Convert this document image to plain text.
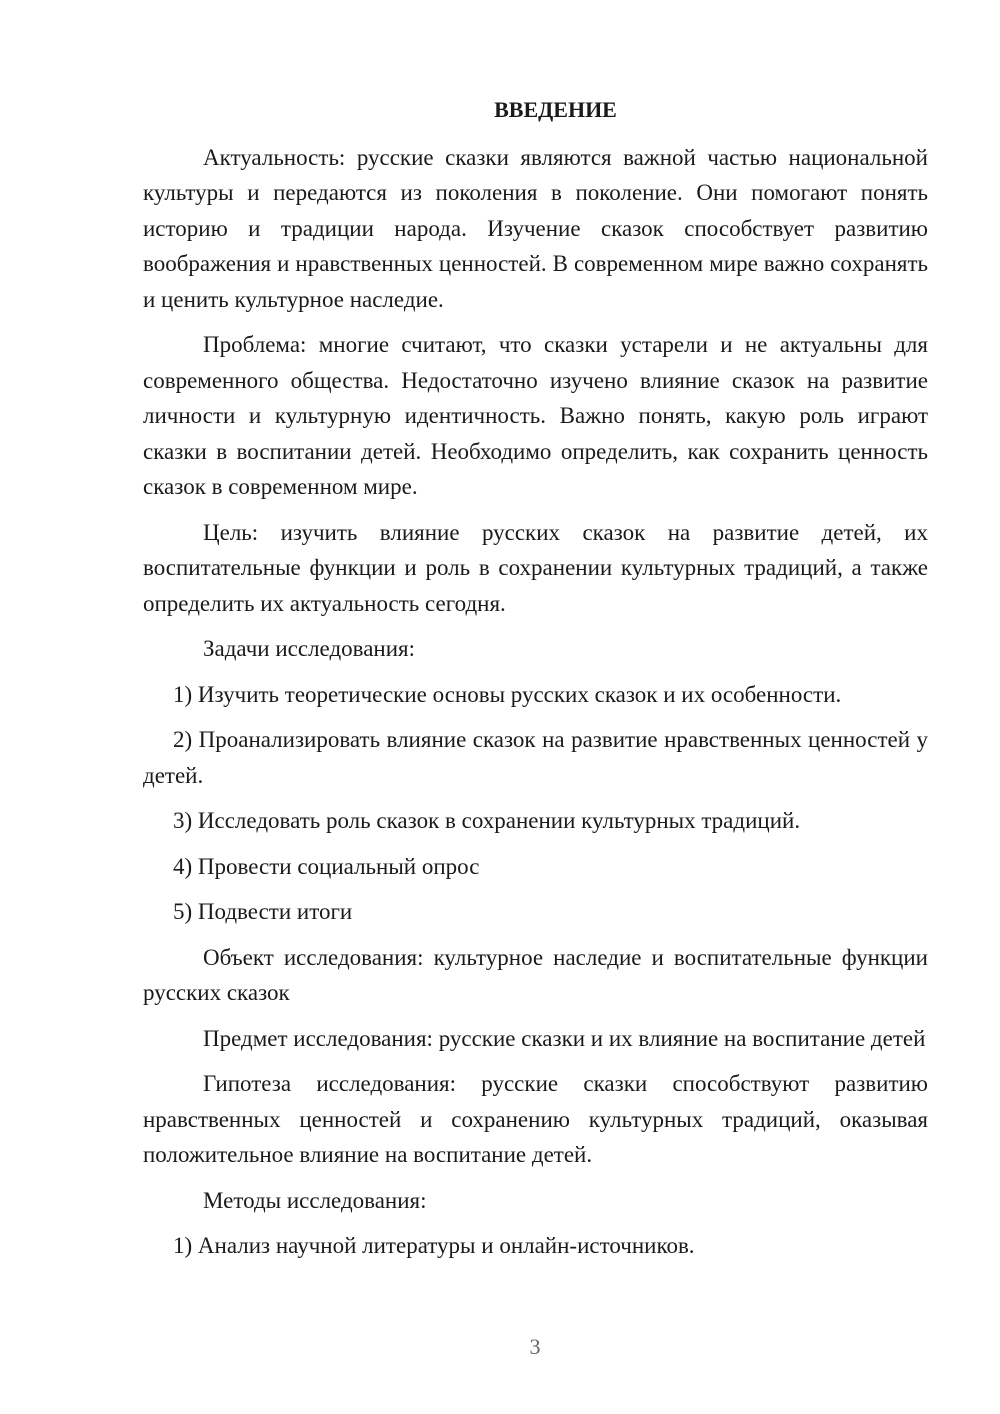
ВВЕДЕНИЕ

Актуальность: русские сказки являются важной частью национальной культуры и передаются из поколения в поколение. Они помогают понять историю и традиции народа. Изучение сказок способствует развитию воображения и нравственных ценностей. В современном мире важно сохранять и ценить культурное наследие.

Проблема: многие считают, что сказки устарели и не актуальны для современного общества. Недостаточно изучено влияние сказок на развитие личности и культурную идентичность. Важно понять, какую роль играют сказки в воспитании детей. Необходимо определить, как сохранить ценность сказок в современном мире.

Цель: изучить влияние русских сказок на развитие детей, их воспитательные функции и роль в сохранении культурных традиций, а также определить их актуальность сегодня.

Задачи исследования:

1) Изучить теоретические основы русских сказок и их особенности.

2) Проанализировать влияние сказок на развитие нравственных ценностей у детей.

3) Исследовать роль сказок в сохранении культурных традиций.

4) Провести социальный опрос

5) Подвести итоги

Объект исследования: культурное наследие и воспитательные функции русских сказок

Предмет исследования: русские сказки и их влияние на воспитание детей

Гипотеза исследования: русские сказки способствуют развитию нравственных ценностей и сохранению культурных традиций, оказывая положительное влияние на воспитание детей.

Методы исследования:

1) Анализ научной литературы и онлайн-источников.

3
